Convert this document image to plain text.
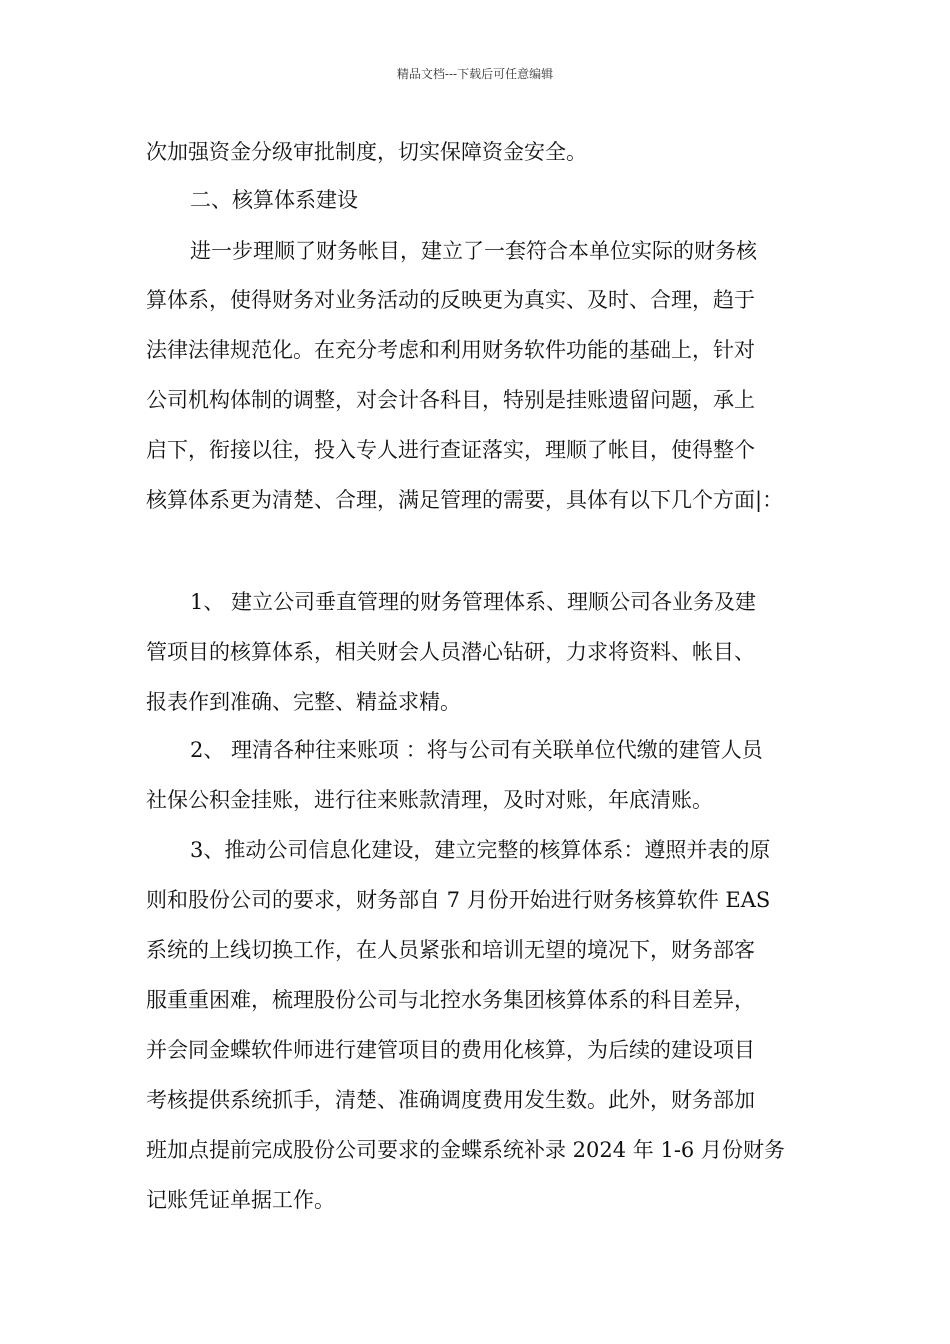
精品文档---下载后可任意编辑
次加强资金分级审批制度，切实保障资金安全。
二、核算体系建设
进一步理顺了财务帐目，建立了一套符合本单位实际的财务核
算体系，使得财务对业务活动的反映更为真实、及时、合理，趋于
法律法律规范化。在充分考虑和利用财务软件功能的基础上，针对
公司机构体制的调整，对会计各科目，特别是挂账遗留问题，承上
启下，衔接以往，投入专人进行查证落实，理顺了帐目，使得整个
核算体系更为清楚、合理，满足管理的需要，具体有以下几个方面|：
1、 建立公司垂直管理的财务管理体系、理顺公司各业务及建
管项目的核算体系，相关财会人员潜心钻研，力求将资料、帐目、
报表作到准确、完整、精益求精。
2、 理清各种往来账项 ：将与公司有关联单位代缴的建管人员
社保公积金挂账，进行往来账款清理，及时对账，年底清账。
3、推动公司信息化建设，建立完整的核算体系：遵照并表的原
则和股份公司的要求，财务部自 7 月份开始进行财务核算软件 EAS
系统的上线切换工作，在人员紧张和培训无望的境况下，财务部客
服重重困难，梳理股份公司与北控水务集团核算体系的科目差异，
并会同金蝶软件师进行建管项目的费用化核算，为后续的建设项目
考核提供系统抓手，清楚、准确调度费用发生数。此外，财务部加
班加点提前完成股份公司要求的金蝶系统补录 2024 年 1-6 月份财务
记账凭证单据工作。
